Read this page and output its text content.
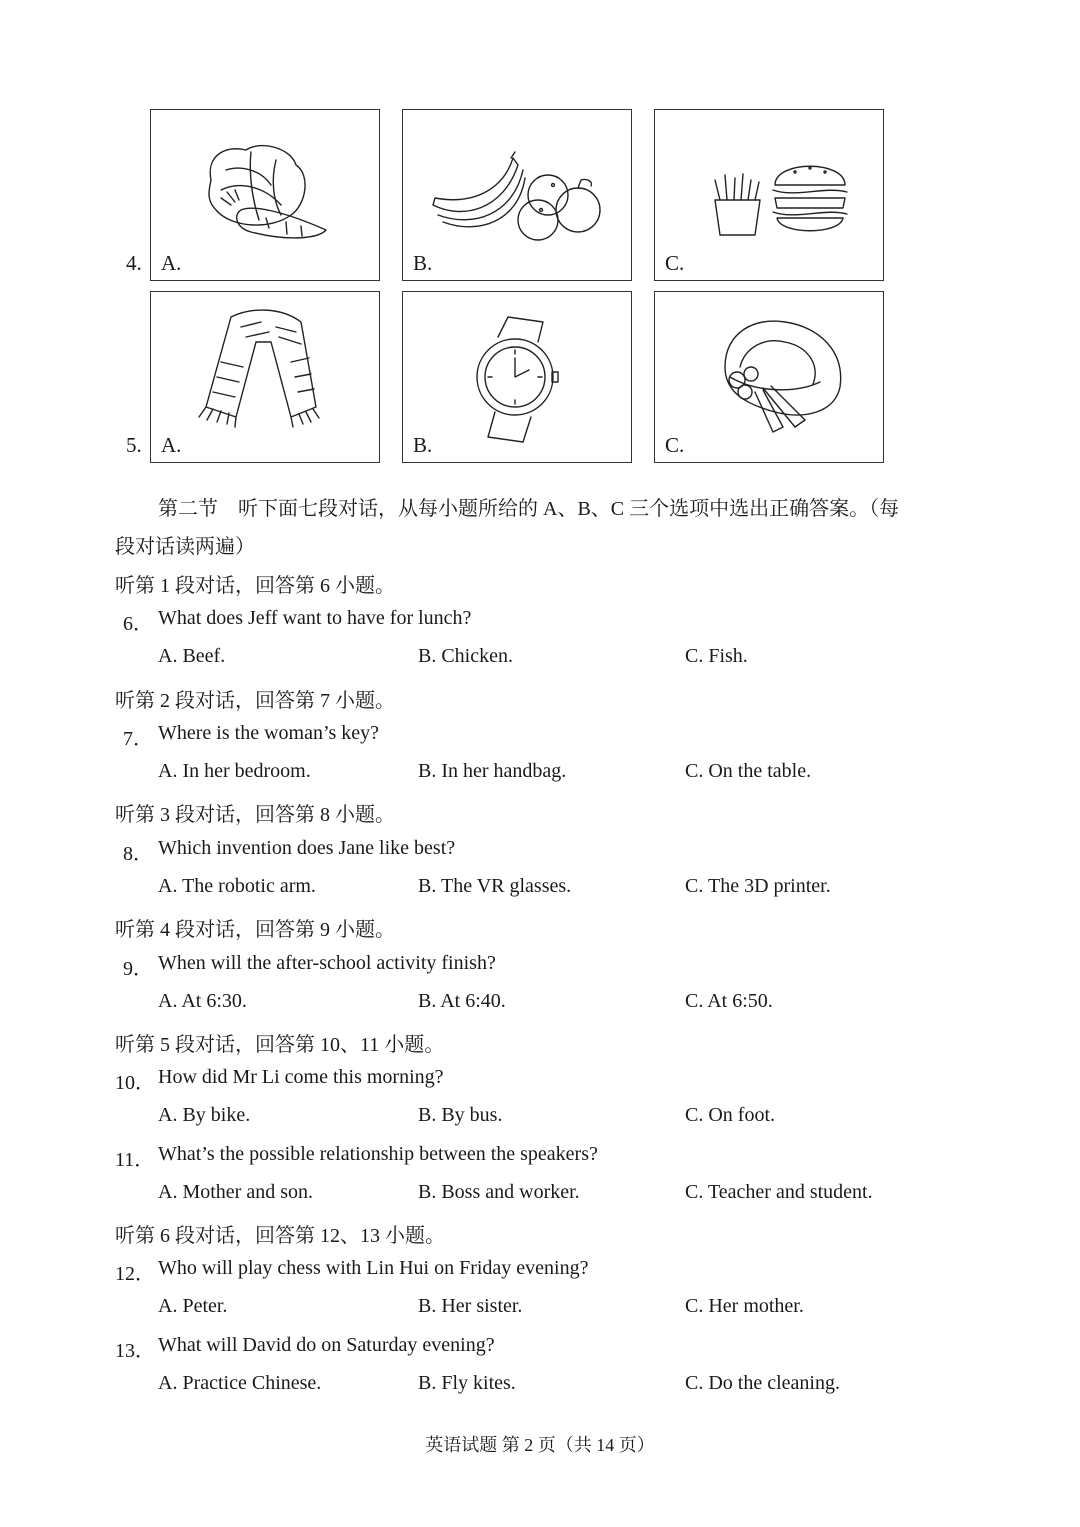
4. A.	B.	C.
5. A.	B.	C.
第二节　听下面七段对话，从每小题所给的 A、B、C 三个选项中选出正确答案。（每
段对话读两遍）
听第 1 段对话，回答第 6 小题。
6． What does Jeff want to have for lunch?
A. Beef.	B. Chicken.	C. Fish.
听第 2 段对话，回答第 7 小题。
7． Where is the woman’s key?
A. In her bedroom.	B. In her handbag.	C. On the table.
听第 3 段对话，回答第 8 小题。
8． Which invention does Jane like best?
A. The robotic arm.	B. The VR glasses.	C. The 3D printer.
听第 4 段对话，回答第 9 小题。
9． When will the after-school activity finish?
A. At 6:30.	B. At 6:40.	C. At 6:50.
听第 5 段对话，回答第 10、11 小题。
10． How did Mr Li come this morning?
A. By bike.	B. By bus.	C. On foot.
11． What’s the possible relationship between the speakers?
A. Mother and son.	B. Boss and worker.	C. Teacher and student.
听第 6 段对话，回答第 12、13 小题。
12． Who will play chess with Lin Hui on Friday evening?
A. Peter.	B. Her sister.	C. Her mother.
13． What will David do on Saturday evening?
A. Practice Chinese.	B. Fly kites.	C. Do the cleaning.
英语试题 第 2 页（共 14 页）
